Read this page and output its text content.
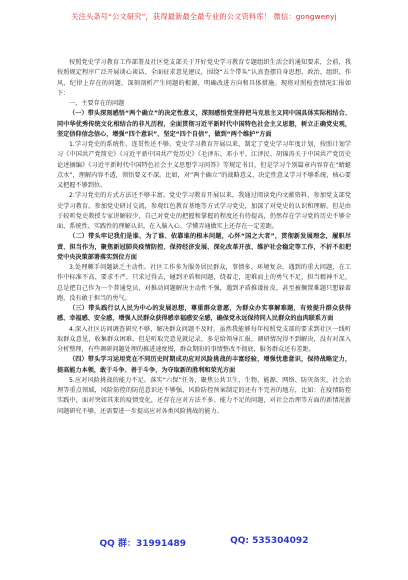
关注头条号“公文研究”，获得最新最全最专业的公文资料库！ 微信：gongwenyj

按照党史学习教育工作部署及社区党支部关于开好党史学习教育专题组织生活会的通知要求，会前，我按照规定程序广泛开展谈心谈话、全面征求意见建议，围绕“五个带头”认真查摆自身思想、政治、组织、作风、纪律上存在的问题，深刻剖析产生问题的根源，明确改进方向和具体措施。现将对照检查情况汇报如下：

一、主要存在的问题

（一）带头深刻感悟“两个确立”的决定性意义，深刻感悟党坚持把马克思主义同中国具体实际相结合、同中华优秀传统文化相结合的非凡历程，全面贯彻习近平新时代中国特色社会主义思想，树立正确党史观，坚定信仰信念信心，增强“四个意识”，坚定“四个自信”，做到“两个维护”方面

1.学习党史的系统性、连贯性还不够。党史学习教育开展以来，制定了党史学习年度计划，按照计划学习《中国共产党简史》《习近平新中国共产党历史》《毛泽东、邓小平、江泽民、胡锦涛关于中国共产党历史论述摘编》《习近平新时代中国特色社会主义思想学习问答》等规定书目，但是学习个别篇章内容存在“蜻蜓点水”，理解内容不透，领悟要义不深。比如，对“两个确立”的战略意义，决定性意义学习不够系统，核心要义把握不够到位。

2.学习党史的方式方法还不够丰富。党史学习教育开展以来，我通过阅读党内文献资料、参加党支部党史学习教育。参加党史研讨交流，参观红色教育基地等方式学习党史，加深了对党史的认识和理解。但是由于较听党史教授专家讲解较少，自己对党史的把握和掌握的程度还有待提高，仍然存在学习党的历史不够全面、系统性、实践性的理解认识，在入脑入心、学懂弄通做实上还存在一定差距。

（二）带头牢记我们是谁、为了谁、依靠谁的根本问题，心怀“国之大者”，贯彻新发展理念，履职尽责、担当作为，聚焦新冠肺炎疫情防控、保持经济发展、深化改革开放、维护社会稳定等工作，不折不扣把党中央决策部署落实到位方面

3.处理棘手问题缺乏主动性。社区工作多为服务居民群众，事情多、环境复杂、遇到的重大问题，在工作中标准不高、要求不严，只求过得去，碰到矛盾和问题，绕着走，迎难而上的勇气不足，担当精神不足，总是把自己作为一个普通党员，对推动问题解决主动性不强，遇到矛盾推诿扯皮，甚至被搁置难题只想躲着跑，没有敢于担当的勇气。

（三）带头践行以人民为中心的发展思想，尊重群众意愿，为群众办实事解难题，有效提升群众获得感、幸福感、安全感，增强人民群众获得感幸福感安全感，确保党永远保持同人民群众的血肉联系方面

4.深入社区访问调查研究不够，解决群众问题不及时。虽然我能够每年按照党支部的要求到社区一线听取群众意见，收集群众困难，但是听取完意见就记录，多是给领导汇报，调研情况得不到解决，没有对深入分析整理，有些调研问题处理的推进速度慢，群众期盼的事情整改不彻底，服务群众还有差距。

（四）带头学习运用党在不同历史时期成功应对风险挑战的丰富经验，增强忧患意识，保持战略定力，提高能力本领，敢于斗争、善于斗争，为夺取新的胜利和荣光方面

5.应对风险挑战的能力不足。落实“六保”任务，聚焦公共卫生、生物、能源、网络、防灾备灾、社会治理等重点领域，风险防控的防范意识还不够强，风险防控预案制定的还有不完善的地方，比如：在疫情防控实践中，面对突如其来的疫情变化，还存在应对方法不多、能力不足的问题，对社会治理等方面的新情况新问题研究不够，还需要进一步提高应对各类风险挑战的能力。

QQ 群：31991489	QQ: 535304092
